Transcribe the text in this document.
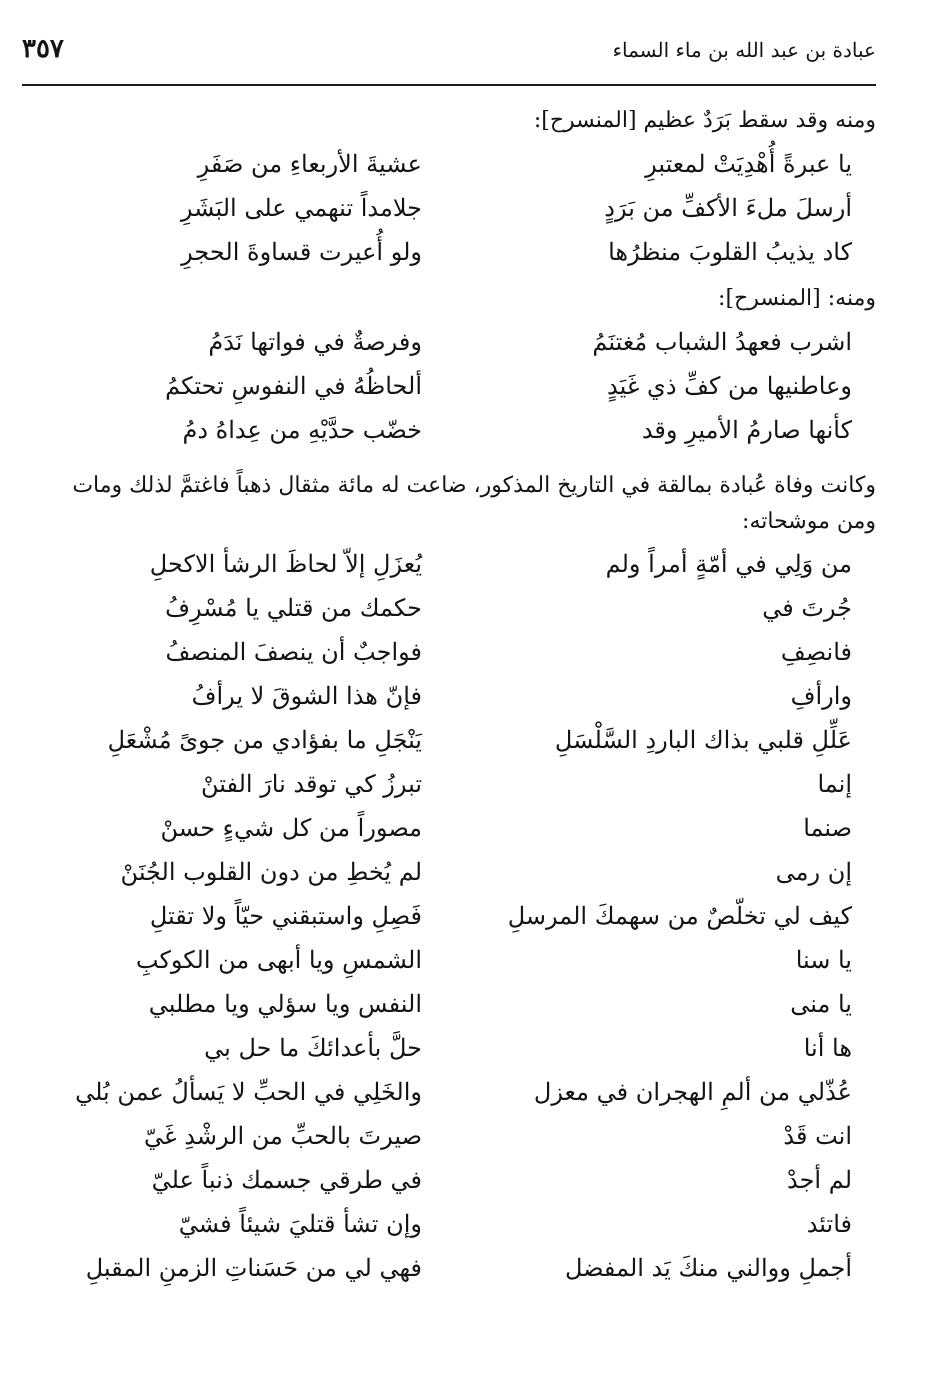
عبادة بن عبد الله بن ماء السماء
٣٥٧
ومنه وقد سقط بَرَدٌ عظيم [المنسرح]:
يا عبرةً أُهْدِيَتْ لمعتبرِ
عشيةَ الأربعاءِ من صَفَرِ
أرسلَ ملءَ الأكفِّ من بَرَدٍ
جلامداً تنهمي على البَشَرِ
كاد يذيبُ القلوبَ منظرُها
ولو أُعيرت قساوةَ الحجرِ
ومنه: [المنسرح]:
اشرب فعهدُ الشباب مُغتنَمُ
وفرصةٌ في فواتها نَدَمُ
وعاطنيها من كفِّ ذي غَيَدٍ
ألحاظُهُ في النفوسِ تحتكمُ
كأنها صارمُ الأميرِ وقد
خضّب حدَّيْهِ من عِداهُ دمُ
وكانت وفاة عُبادة بمالقة في التاريخ المذكور، ضاعت له مائة مثقال ذهباً فاغتمَّ لذلك ومات ومن موشحاته:
من وَلِي في أمّةٍ أمراً ولم
يُعزَلِ إلاّ لحاظَ الرشأ الاكحلِ
جُرتَ في
حكمك من قتلي يا مُسْرِفُ
فانصِفِ
فواجبٌ أن ينصفَ المنصفُ
وارأفِ
فإنّ هذا الشوقَ لا يرأفُ
عَلِّلِ قلبي بذاك الباردِ السَّلْسَلِ
يَنْجَلِ ما بفؤادي من جوىً مُشْعَلِ
إنما
تبرزُ كي توقد نارَ الفتنْ
صنما
مصوراً من كل شيءٍ حسنْ
إن رمى
لم يُخطِ من دون القلوب الجُنَنْ
كيف لي تخلّصٌ من سهمكَ المرسلِ
فَصِلِ واستبقني حيّاً ولا تقتلِ
يا سنا
الشمسِ ويا أبهى من الكوكبِ
يا منى
النفس ويا سؤلي ويا مطلبي
ها أنا
حلَّ بأعدائكَ ما حل بي
عُذّلي من ألمِ الهجران في معزل
والخَلِي في الحبِّ لا يَسألُ عمن بُلي
انت قَدْ
صيرتَ بالحبِّ من الرشْدِ غَيّ
لم أجدْ
في طرقي جسمك ذنباً عليّ
فاتئد
وإن تشأ قتليَ شيئاً فشيّ
أجملِ ووالني منكَ يَد المفضل
فهي لي من حَسَناتِ الزمنِ المقبلِ
